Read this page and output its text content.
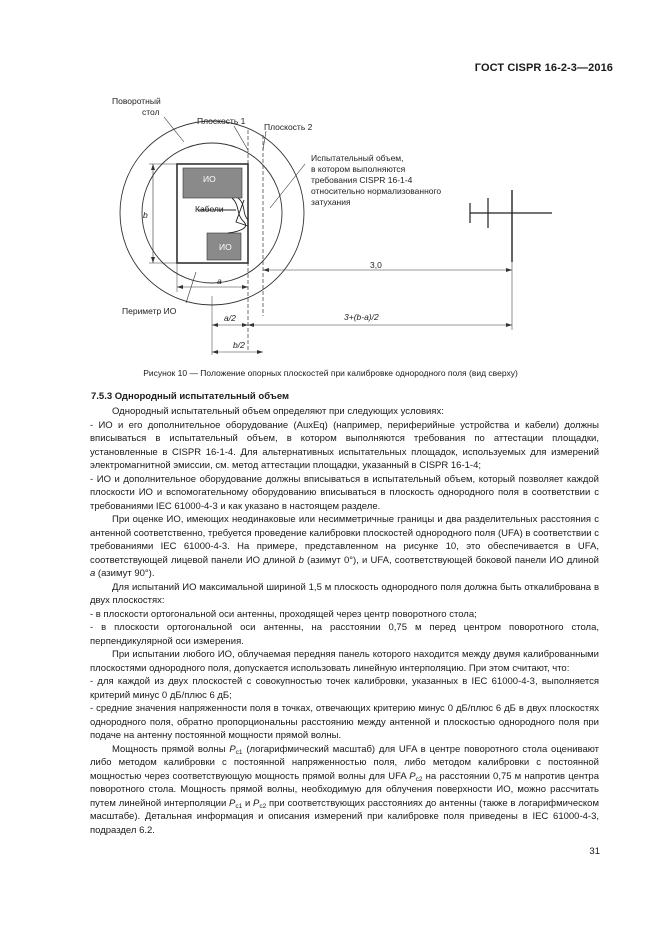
ГОСТ CISPR 16-2-3—2016
Поворотный
стол
Плоскость 1
Плоскость 2
ИО
ИО
Кабели
b
a
Периметр ИО
Испытательный объем,
в котором выполняются
требования CISPR 16-1-4
относительно нормализованного
затухания
3,0
a/2	3+(b-a)/2
b/2
Рисунок 10 — Положение опорных плоскостей при калибровке однородного поля (вид сверху)
7.5.3 Однородный испытательный объем

Однородный испытательный объем определяют при следующих условиях:

- ИО и его дополнительное оборудование (AuxEq) (например, периферийные устройства и кабели) должны вписываться в испытательный объем, в котором выполняются требования по аттестации площадки, установленные в CISPR 16-1-4. Для альтернативных испытательных площадок, используемых для измерений электромагнитной эмиссии, см. метод аттестации площадки, указанный в CISPR 16-1-4;

- ИО и дополнительное оборудование должны вписываться в испытательный объем, который позволяет каждой плоскости ИО и вспомогательному оборудованию вписываться в плоскость однородного поля в соответствии с требованиями IEC 61000-4-3 и как указано в настоящем разделе.

При оценке ИО, имеющих неодинаковые или несимметричные границы и два разделительных расстояния с антенной соответственно, требуется проведение калибровки плоскостей однородного поля (UFA) в соответствии с требованиями IEC 61000-4-3. На примере, представленном на рисунке 10, это обеспечивается в UFA, соответствующей лицевой панели ИО длиной b (азимут 0°), и UFA, соответствующей боковой панели ИО длиной a (азимут 90°).

Для испытаний ИО максимальной шириной 1,5 м плоскость однородного поля должна быть откалибрована в двух плоскостях:

- в плоскости ортогональной оси антенны, проходящей через центр поворотного стола;

- в плоскости ортогональной оси антенны, на расстоянии 0,75 м перед центром поворотного стола, перпендикулярной оси измерения.

При испытании любого ИО, облучаемая передняя панель которого находится между двумя калиброванными плоскостями однородного поля, допускается использовать линейную интерполяцию. При этом считают, что:

- для каждой из двух плоскостей с совокупностью точек калибровки, указанных в IEC 61000-4-3, выполняется критерий минус 0 дБ/плюс 6 дБ;

- средние значения напряженности поля в точках, отвечающих критерию минус 0 дБ/плюс 6 дБ в двух плоскостях однородного поля, обратно пропорциональны расстоянию между антенной и плоскостью однородного поля при подаче на антенну постоянной мощности прямой волны.

Мощность прямой волны $P_{c1}$ (логарифмический масштаб) для UFA в центре поворотного стола оценивают либо методом калибровки с постоянной напряженностью поля, либо методом калибровки с постоянной мощностью через соответствующую мощность прямой волны для UFA $P_{c2}$ на расстоянии 0,75 м напротив центра поворотного стола. Мощность прямой волны, необходимую для облучения поверхности ИО, можно рассчитать путем линейной интерполяции $P_{c1}$ и $P_{c2}$ при соответствующих расстояниях до антенны (также в логарифмическом масштабе). Детальная информация и описания измерений при калибровке поля приведены в IEC 61000-4-3, подраздел 6.2.

31
